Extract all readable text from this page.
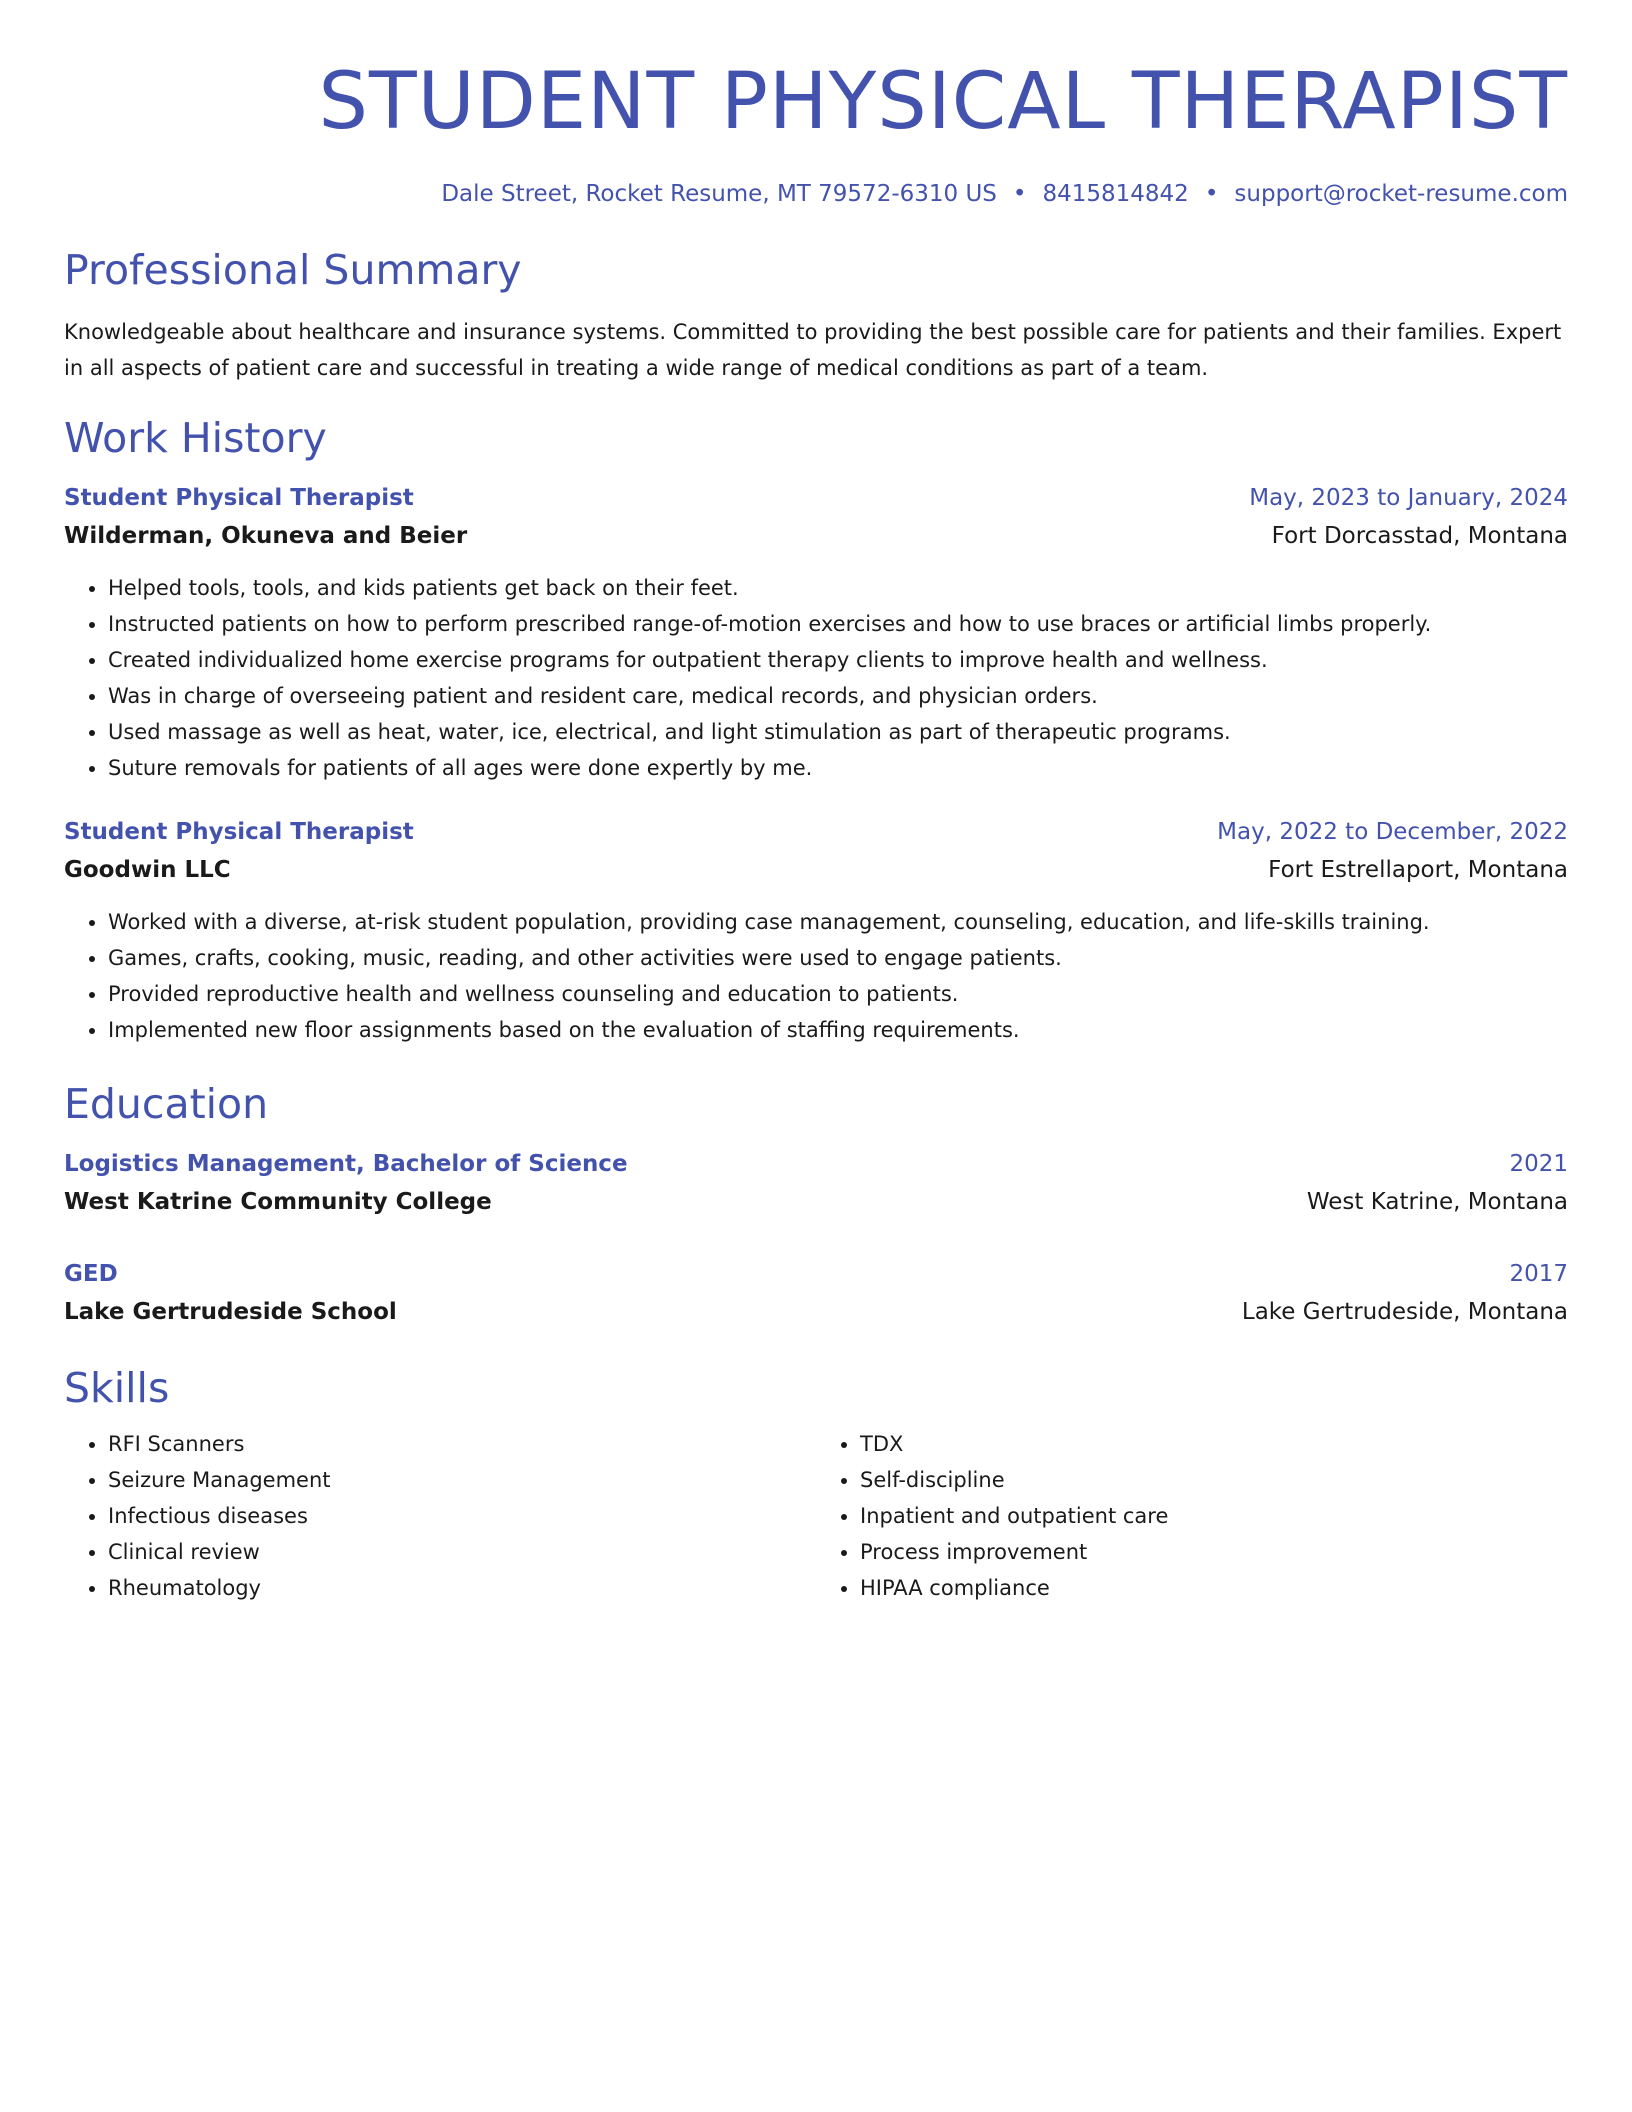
STUDENT PHYSICAL THERAPIST
Dale Street, Rocket Resume, MT 79572-6310 US • 8415814842 • support@rocket-resume.com
Professional Summary
Knowledgeable about healthcare and insurance systems. Committed to providing the best possible care for patients and their families. Expert in all aspects of patient care and successful in treating a wide range of medical conditions as part of a team.
Work History
Student Physical Therapist	May, 2023 to January, 2024
Wilderman, Okuneva and Beier	Fort Dorcasstad, Montana
• Helped tools, tools, and kids patients get back on their feet.
• Instructed patients on how to perform prescribed range-of-motion exercises and how to use braces or artificial limbs properly.
• Created individualized home exercise programs for outpatient therapy clients to improve health and wellness.
• Was in charge of overseeing patient and resident care, medical records, and physician orders.
• Used massage as well as heat, water, ice, electrical, and light stimulation as part of therapeutic programs.
• Suture removals for patients of all ages were done expertly by me.
Student Physical Therapist	May, 2022 to December, 2022
Goodwin LLC	Fort Estrellaport, Montana
• Worked with a diverse, at-risk student population, providing case management, counseling, education, and life-skills training.
• Games, crafts, cooking, music, reading, and other activities were used to engage patients.
• Provided reproductive health and wellness counseling and education to patients.
• Implemented new floor assignments based on the evaluation of staffing requirements.
Education
Logistics Management, Bachelor of Science	2021
West Katrine Community College	West Katrine, Montana
GED	2017
Lake Gertrudeside School	Lake Gertrudeside, Montana
Skills
• RFI Scanners
• Seizure Management
• Infectious diseases
• Clinical review
• Rheumatology
• TDX
• Self-discipline
• Inpatient and outpatient care
• Process improvement
• HIPAA compliance
